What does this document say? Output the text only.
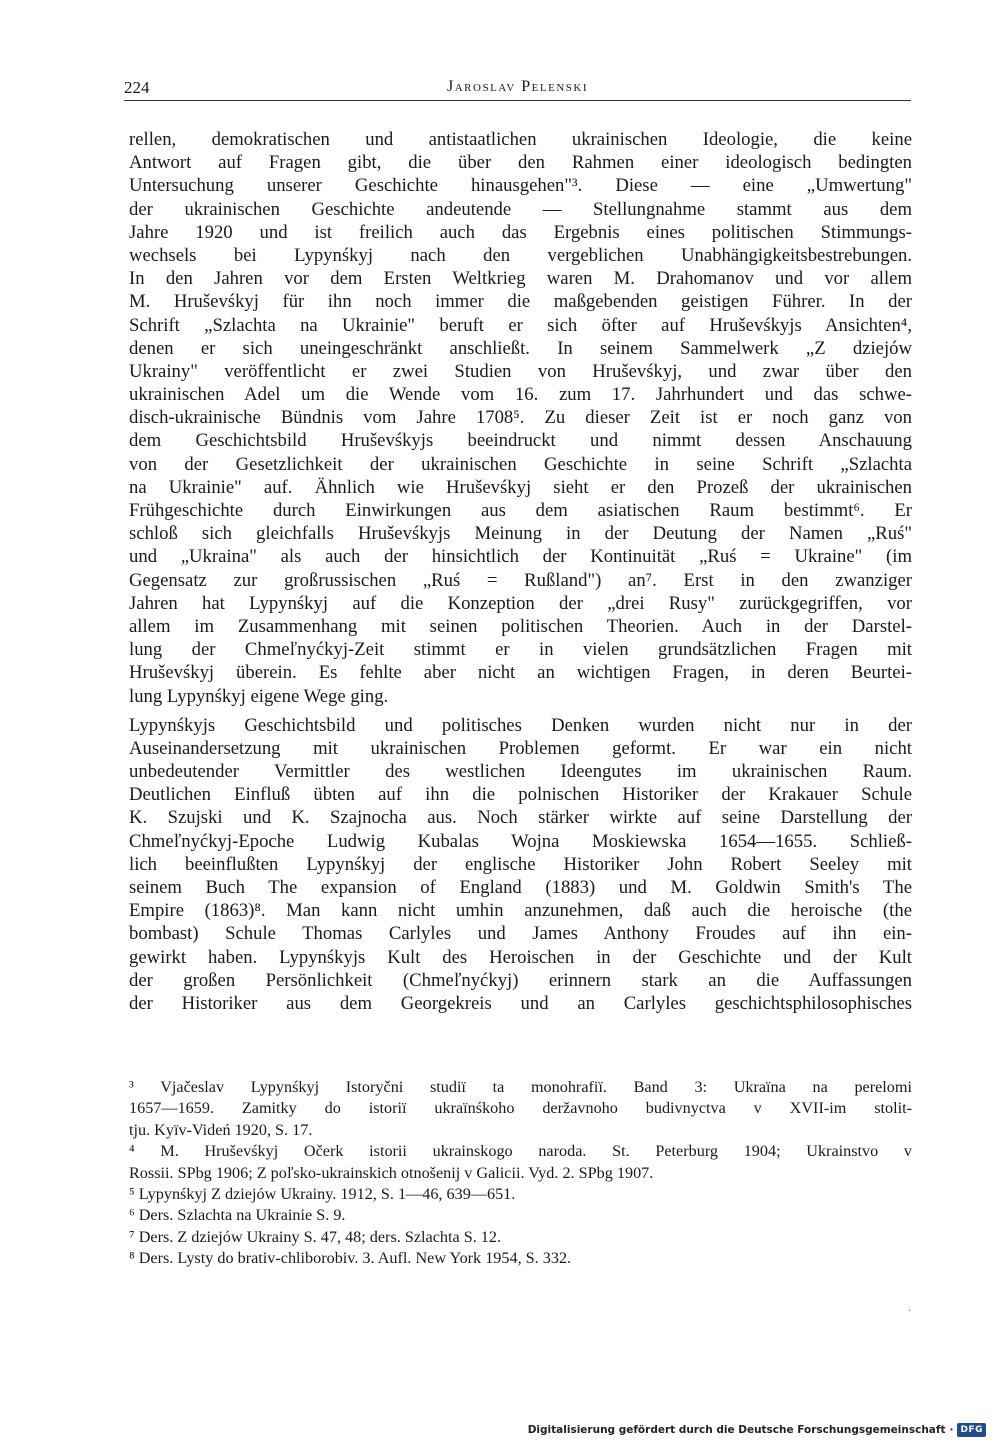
224	Jaroslav Pelenski
rellen, demokratischen und antistaatlichen ukrainischen Ideologie, die keine
Antwort auf Fragen gibt, die über den Rahmen einer ideologisch bedingten
Untersuchung unserer Geschichte hinausgehen"³. Diese — eine „Umwertung"
der ukrainischen Geschichte andeutende — Stellungnahme stammt aus dem
Jahre 1920 und ist freilich auch das Ergebnis eines politischen Stimmungs-
wechsels bei Lypynśkyj nach den vergeblichen Unabhängigkeitsbestrebungen.
In den Jahren vor dem Ersten Weltkrieg waren M. Drahomanov und vor allem
M. Hruševśkyj für ihn noch immer die maßgebenden geistigen Führer. In der
Schrift „Szlachta na Ukrainie" beruft er sich öfter auf Hruševśkyjs Ansichten⁴,
denen er sich uneingeschränkt anschließt. In seinem Sammelwerk „Z dziejów
Ukrainy" veröffentlicht er zwei Studien von Hruševśkyj, und zwar über den
ukrainischen Adel um die Wende vom 16. zum 17. Jahrhundert und das schwe-
disch-ukrainische Bündnis vom Jahre 1708⁵. Zu dieser Zeit ist er noch ganz von
dem Geschichtsbild Hruševśkyjs beeindruckt und nimmt dessen Anschauung
von der Gesetzlichkeit der ukrainischen Geschichte in seine Schrift „Szlachta
na Ukrainie" auf. Ähnlich wie Hruševśkyj sieht er den Prozeß der ukrainischen
Frühgeschichte durch Einwirkungen aus dem asiatischen Raum bestimmt⁶. Er
schloß sich gleichfalls Hruševśkyjs Meinung in der Deutung der Namen „Ruś"
und „Ukraina" als auch der hinsichtlich der Kontinuität „Ruś = Ukraine" (im
Gegensatz zur großrussischen „Ruś = Rußland") an⁷. Erst in den zwanziger
Jahren hat Lypynśkyj auf die Konzeption der „drei Rusy" zurückgegriffen, vor
allem im Zusammenhang mit seinen politischen Theorien. Auch in der Darstel-
lung der Chmeľnyćkyj-Zeit stimmt er in vielen grundsätzlichen Fragen mit
Hruševśkyj überein. Es fehlte aber nicht an wichtigen Fragen, in deren Beurtei-
lung Lypynśkyj eigene Wege ging.
Lypynśkyjs Geschichtsbild und politisches Denken wurden nicht nur in der
Auseinandersetzung mit ukrainischen Problemen geformt. Er war ein nicht
unbedeutender Vermittler des westlichen Ideengutes im ukrainischen Raum.
Deutlichen Einfluß übten auf ihn die polnischen Historiker der Krakauer Schule
K. Szujski und K. Szajnocha aus. Noch stärker wirkte auf seine Darstellung der
Chmeľnyćkyj-Epoche Ludwig Kubalas Wojna Moskiewska 1654—1655. Schließ-
lich beeinflußten Lypynśkyj der englische Historiker John Robert Seeley mit
seinem Buch The expansion of England (1883) und M. Goldwin Smith's The
Empire (1863)⁸. Man kann nicht umhin anzunehmen, daß auch die heroische (the
bombast) Schule Thomas Carlyles und James Anthony Froudes auf ihn ein-
gewirkt haben. Lypynśkyjs Kult des Heroischen in der Geschichte und der Kult
der großen Persönlichkeit (Chmeľnyćkyj) erinnern stark an die Auffassungen
der Historiker aus dem Georgekreis und an Carlyles geschichtsphilosophisches
³ Vjačeslav Lypynśkyj Istoryčni studiï ta monohrafiï. Band 3: Ukraïna na perelomi
1657—1659. Zamitky do istoriï ukraïnśkoho deržavnoho budivnyctva v XVII-im stolit-
tju. Kyïv-Videń 1920, S. 17.
⁴ M. Hruševśkyj Očerk istorii ukrainskogo naroda. St. Peterburg 1904; Ukrainstvo v
Rossii. SPbg 1906; Z poľsko-ukrainskich otnošenij v Galicii. Vyd. 2. SPbg 1907.
⁵ Lypynśkyj Z dziejów Ukrainy. 1912, S. 1—46, 639—651.
⁶ Ders. Szlachta na Ukrainie S. 9.
⁷ Ders. Z dziejów Ukrainy S. 47, 48; ders. Szlachta S. 12.
⁸ Ders. Lysty do brativ-chliborobiv. 3. Aufl. New York 1954, S. 332.
·
Digitalisierung gefördert durch die Deutsche Forschungsgemeinschaft · DFG
